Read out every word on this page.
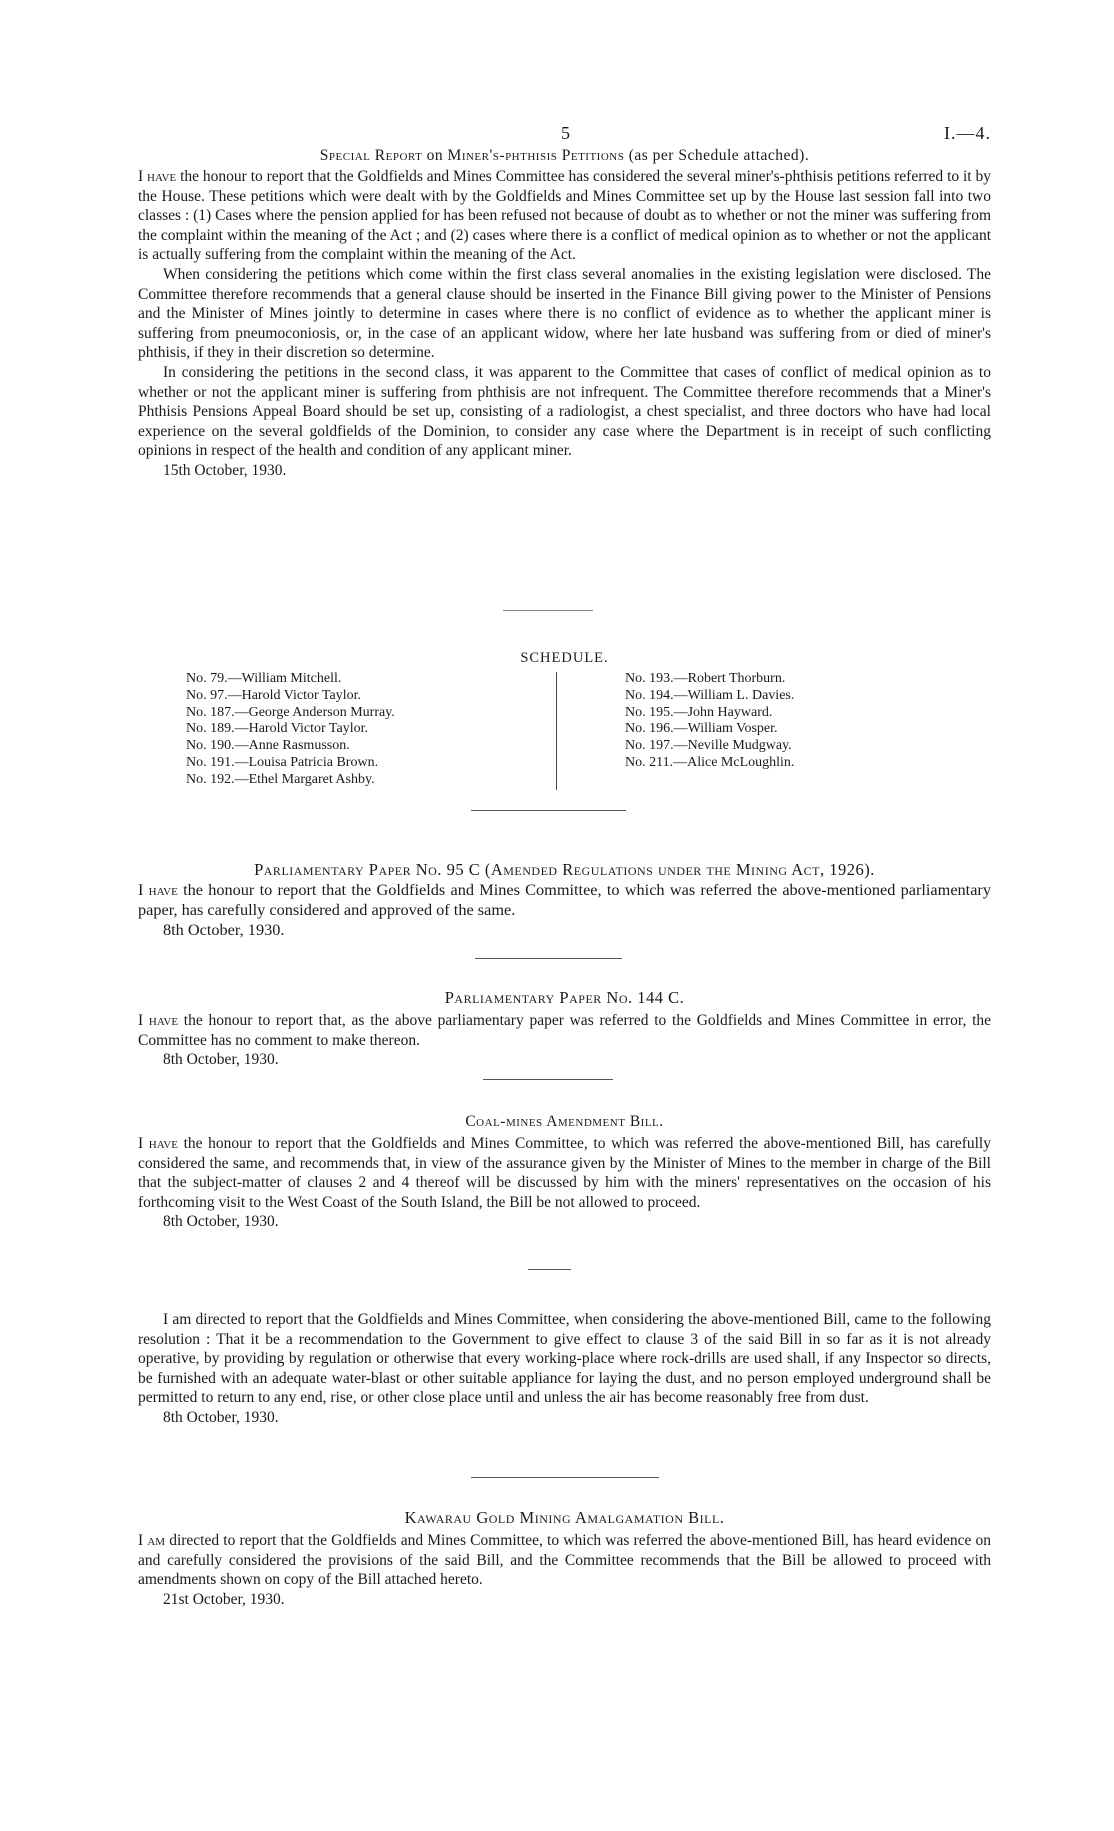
5	I.—4.
Special Report on Miner's-phthisis Petitions (as per Schedule attached).

I have the honour to report that the Goldfields and Mines Committee has considered the several miner's-phthisis petitions referred to it by the House. These petitions which were dealt with by the Goldfields and Mines Committee set up by the House last session fall into two classes : (1) Cases where the pension applied for has been refused not because of doubt as to whether or not the miner was suffering from the complaint within the meaning of the Act ; and (2) cases where there is a conflict of medical opinion as to whether or not the applicant is actually suffering from the complaint within the meaning of the Act.

When considering the petitions which come within the first class several anomalies in the existing legislation were disclosed. The Committee therefore recommends that a general clause should be inserted in the Finance Bill giving power to the Minister of Pensions and the Minister of Mines jointly to determine in cases where there is no conflict of evidence as to whether the applicant miner is suffering from pneumoconiosis, or, in the case of an applicant widow, where her late husband was suffering from or died of miner's phthisis, if they in their discretion so determine.

In considering the petitions in the second class, it was apparent to the Committee that cases of conflict of medical opinion as to whether or not the applicant miner is suffering from phthisis are not infrequent. The Committee therefore recommends that a Miner's Phthisis Pensions Appeal Board should be set up, consisting of a radiologist, a chest specialist, and three doctors who have had local experience on the several goldfields of the Dominion, to consider any case where the Department is in receipt of such conflicting opinions in respect of the health and condition of any applicant miner.

15th October, 1930.
SCHEDULE.
No. 79.—William Mitchell.
No. 97.—Harold Victor Taylor.
No. 187.—George Anderson Murray.
No. 189.—Harold Victor Taylor.
No. 190.—Anne Rasmusson.
No. 191.—Louisa Patricia Brown.
No. 192.—Ethel Margaret Ashby.
No. 193.—Robert Thorburn.
No. 194.—William L. Davies.
No. 195.—John Hayward.
No. 196.—William Vosper.
No. 197.—Neville Mudgway.
No. 211.—Alice McLoughlin.
Parliamentary Paper No. 95 C (Amended Regulations under the Mining Act, 1926).

I have the honour to report that the Goldfields and Mines Committee, to which was referred the above-mentioned parliamentary paper, has carefully considered and approved of the same.

8th October, 1930.
Parliamentary Paper No. 144 C.

I have the honour to report that, as the above parliamentary paper was referred to the Goldfields and Mines Committee in error, the Committee has no comment to make thereon.

8th October, 1930.
Coal-mines Amendment Bill.

I have the honour to report that the Goldfields and Mines Committee, to which was referred the above-mentioned Bill, has carefully considered the same, and recommends that, in view of the assurance given by the Minister of Mines to the member in charge of the Bill that the subject-matter of clauses 2 and 4 thereof will be discussed by him with the miners' representatives on the occasion of his forthcoming visit to the West Coast of the South Island, the Bill be not allowed to proceed.

8th October, 1930.

I am directed to report that the Goldfields and Mines Committee, when considering the above-mentioned Bill, came to the following resolution : That it be a recommendation to the Government to give effect to clause 3 of the said Bill in so far as it is not already operative, by providing by regulation or otherwise that every working-place where rock-drills are used shall, if any Inspector so directs, be furnished with an adequate water-blast or other suitable appliance for laying the dust, and no person employed underground shall be permitted to return to any end, rise, or other close place until and unless the air has become reasonably free from dust.

8th October, 1930.
Kawarau Gold Mining Amalgamation Bill.

I am directed to report that the Goldfields and Mines Committee, to which was referred the above-mentioned Bill, has heard evidence on and carefully considered the provisions of the said Bill, and the Committee recommends that the Bill be allowed to proceed with amendments shown on copy of the Bill attached hereto.

21st October, 1930.
